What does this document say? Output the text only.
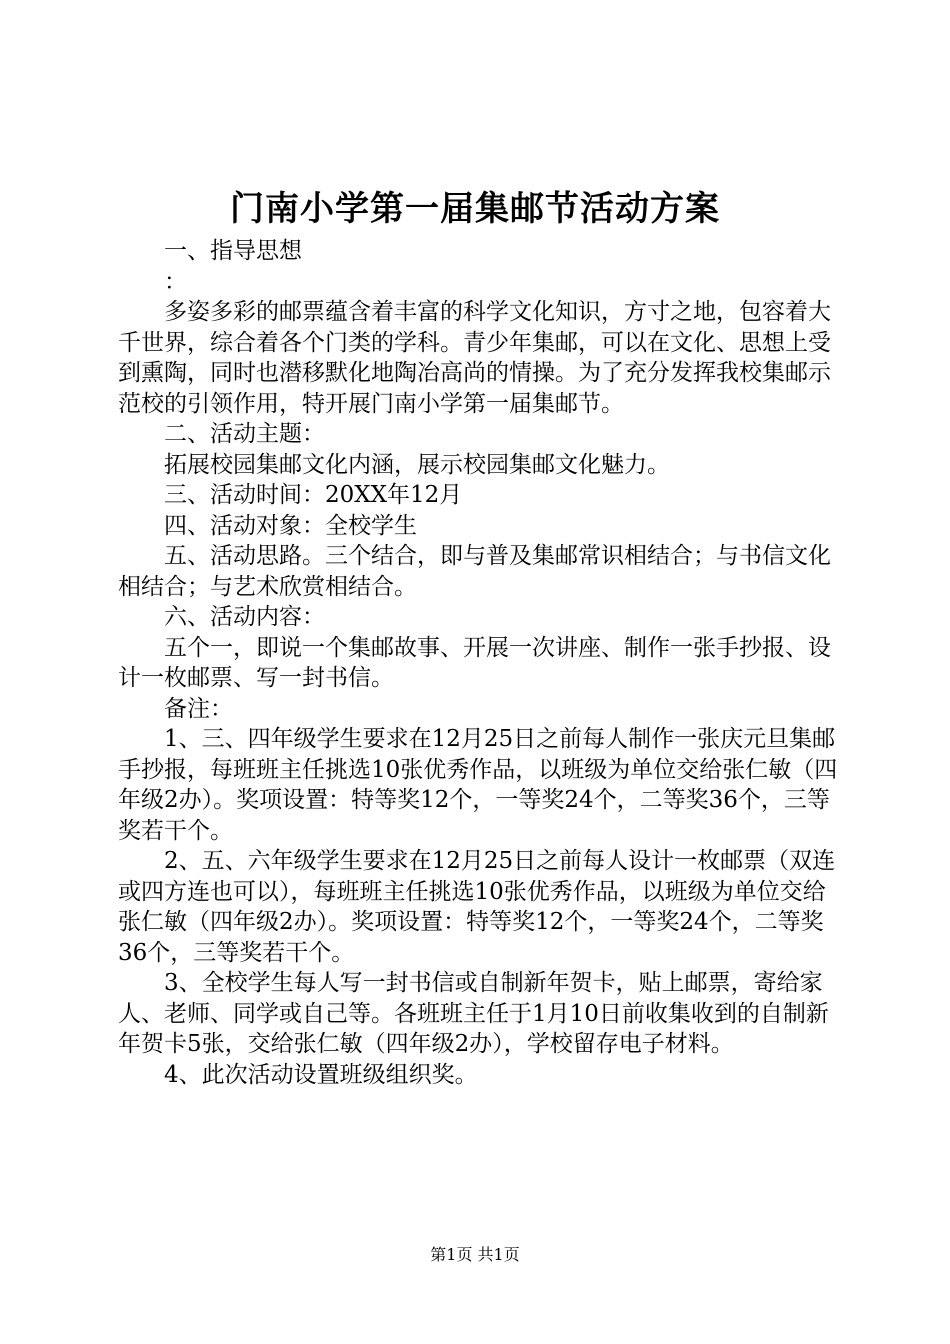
门南小学第一届集邮节活动方案

一、指导思想

：

多姿多彩的邮票蕴含着丰富的科学文化知识，方寸之地，包容着大千世界，综合着各个门类的学科。青少年集邮，可以在文化、思想上受到熏陶，同时也潜移默化地陶冶高尚的情操。为了充分发挥我校集邮示范校的引领作用，特开展门南小学第一届集邮节。

二、活动主题：

拓展校园集邮文化内涵，展示校园集邮文化魅力。

三、活动时间：20XX年12月

四、活动对象：全校学生

五、活动思路。三个结合，即与普及集邮常识相结合；与书信文化相结合；与艺术欣赏相结合。

六、活动内容：

五个一，即说一个集邮故事、开展一次讲座、制作一张手抄报、设计一枚邮票、写一封书信。

备注：

1、三、四年级学生要求在12月25日之前每人制作一张庆元旦集邮手抄报，每班班主任挑选10张优秀作品，以班级为单位交给张仁敏（四年级2办）。奖项设置：特等奖12个，一等奖24个，二等奖36个，三等奖若干个。

2、五、六年级学生要求在12月25日之前每人设计一枚邮票（双连或四方连也可以），每班班主任挑选10张优秀作品，以班级为单位交给张仁敏（四年级2办）。奖项设置：特等奖12个，一等奖24个，二等奖36个，三等奖若干个。

3、全校学生每人写一封书信或自制新年贺卡，贴上邮票，寄给家人、老师、同学或自己等。各班班主任于1月10日前收集收到的自制新年贺卡5张，交给张仁敏（四年级2办），学校留存电子材料。

4、此次活动设置班级组织奖。

第1页 共1页
